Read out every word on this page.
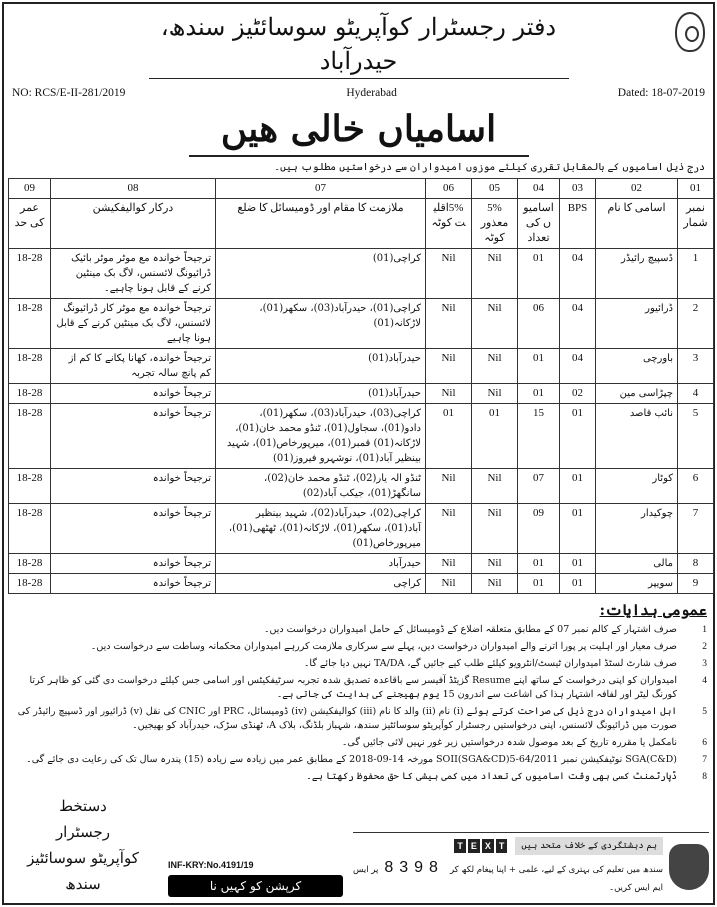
دفتر رجسٹرار کوآپریٹو سوسائٹیز سندھ، حیدرآباد
NO: RCS/E-II-281/2019	Hyderabad	Dated: 18-07-2019
اسامیاں خالی ھیں
درج ذیل اسامیوں کے بالمقابل تقرری کیلئے موزوں امیدواران سے درخواستیں مطلوب ہیں۔
01	02	03	04	05	06	07	08	09
نمبر شمار	اسامی کا نام	BPS	اسامیوں کی تعداد	5% معذور کوٹہ	5%اقلیت کوٹہ	ملازمت کا مقام اور ڈومیسائل کا ضلع	درکار کوالیفکیشن	عمر کی حد
1	ڈسپیچ رائیڈر	04	01	Nil	Nil	کراچی(01)	ترجیحاً خواندہ مع موٹر موٹر بائیک ڈرائیونگ لائسنس، لاگ بک مینٹین کرنے کے قابل ہونا چاہیے۔	18-28
2	ڈرائیور	04	06	Nil	Nil	کراچی(01)، حیدرآباد(03)، سکھر(01)، لاڑکانہ(01)	ترجیحاً خواندہ مع موٹر کار ڈرائیونگ لائسنس، لاگ بک مینٹین کرنے کے قابل ہونا چاہیے	18-28
3	باورچی	04	01	Nil	Nil	حیدرآباد(01)	ترجیحاً خواندہ، کھانا پکانے کا کم از کم پانچ سالہ تجربہ	18-28
4	چپڑاسی مین	02	01	Nil	Nil	حیدرآباد(01)	ترجیحاً خواندہ	18-28
5	نائب قاصد	01	15	01	01	کراچی(03)، حیدرآباد(03)، سکھر(01)، دادو(01)، سجاول(01)، ٹنڈو محمد خان(01)، لاڑکانہ(01) قمبر(01)، میرپورخاص(01)، شہید بینظیر آباد(01)، نوشہرو فیروز(01)	ترجیحاً خواندہ	18-28
6	کوٹار	01	07	Nil	Nil	ٹنڈو الہ یار(02)، ٹنڈو محمد خان(02)، سانگھڑ(01)، جیکب آباد(02)	ترجیحاً خواندہ	18-28
7	چوکیدار	01	09	Nil	Nil	کراچی(02)، حیدرآباد(02)، شہید بینظیر آباد(01)، سکھر(01)، لاڑکانہ(01)، ٹھٹھی(01)، میرپورخاص(01)	ترجیحاً خواندہ	18-28
8	مالی	01	01	Nil	Nil	حیدرآباد	ترجیحاً خواندہ	18-28
9	سویپر	01	01	Nil	Nil	کراچی	ترجیحاً خواندہ	18-28
عمومی ہدایات:
1
صرف اشتہار کے کالم نمبر 07 کے مطابق متعلقہ اضلاع کے ڈومیسائل کے حامل امیدواران درخواست دیں۔
2
صرف معیار اور اہلیت پر پورا اترنے والے امیدواران درخواست دیں، پہلے سے سرکاری ملازمت کررہے امیدواران محکمانہ وساطت سے درخواست دیں۔
3
صرف شارٹ لسٹڈ امیدواران ٹیسٹ/انٹرویو کیلئے طلب کیے جائیں گے، TA/DA نہیں دیا جائے گا۔
4
امیدواران کو اپنی درخواست کے ساتھ اپنے Resume گزیٹڈ آفیسر سے باقاعدہ تصدیق شدہ تجربہ سرٹیفکیٹس اور اسامی جس کیلئے درخواست دی گئی کو ظاہر کرتا کورنگ لیٹر اور لفافہ اشتہار ہذا کی اشاعت سے اندرون 15 یوم بھیجنے کی ہدایت کی جاتی ہے۔
5
اہل امیدواران درج ذیل کی صراحت کرتے ہوئے (i) نام (ii) والد کا نام (iii) کوالیفکیشن (iv) ڈومیسائل، PRC اور CNIC کی نقل (v) ڈرائیور اور ڈسپیچ رائیڈر کی صورت میں ڈرائیونگ لائسنس، اپنی درخواستیں رجسٹرار کوآپریٹو سوسائٹیز سندھ، شہباز بلڈنگ، بلاک A، ٹھنڈی سڑک، حیدرآباد کو بھیجیں۔
6
نامکمل یا مقررہ تاریخ کے بعد موصول شدہ درخواستیں زیر غور نہیں لائی جائیں گی۔
7
SGA(C&D) نوٹیفکیشن نمبر SOII(SGA&CD)5-64/2011 مورخہ 14-09-2018 کے مطابق عمر میں زیادہ سے زیادہ (15) پندرہ سال تک کی رعایت دی جائے گی۔
8
ڈپارٹمنٹ کسی بھی وقت اسامیوں کی تعداد میں کمی بیشی کا حق محفوظ رکھتا ہے۔
دستخط
رجسٹرار
کوآپریٹو سوسائٹیز سندھ
INF-KRY:No.4191/19
کرپشن کو کہیں نا
ہم دہشتگردی کے خلاف متحد ہیں
T E X T
سندھ میں تعلیم کی بہتری کے لیے، علمی + اپنا پیغام لکھ کر8398پر ایس ایم ایس کریں۔
